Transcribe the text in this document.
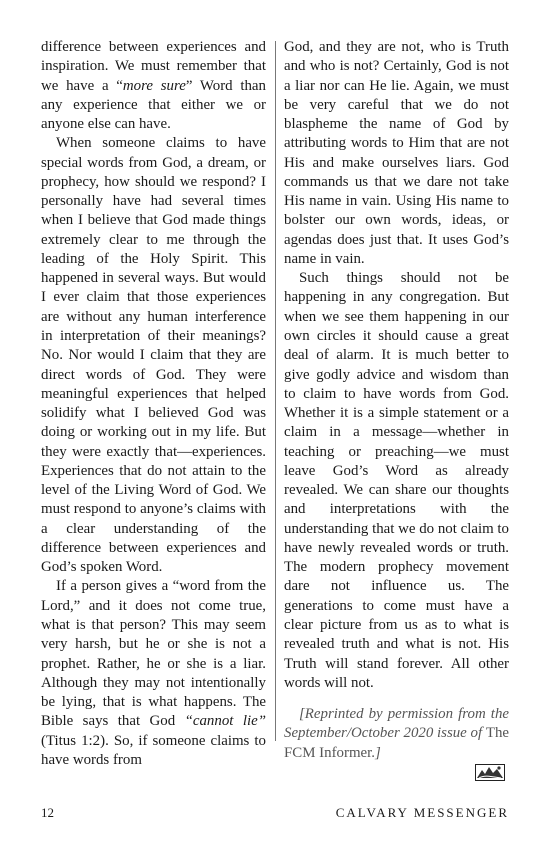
difference between experiences and inspiration. We must remember that we have a “more sure” Word than any experience that either we or anyone else can have.

When someone claims to have special words from God, a dream, or prophecy, how should we respond? I personally have had several times when I believe that God made things extremely clear to me through the leading of the Holy Spirit. This happened in several ways. But would I ever claim that those experiences are without any human interference in interpretation of their meanings? No. Nor would I claim that they are direct words of God. They were meaningful experiences that helped solidify what I believed God was doing or working out in my life. But they were exactly that—experiences. Experiences that do not attain to the level of the Living Word of God. We must respond to anyone’s claims with a clear understanding of the difference between experiences and God’s spoken Word.

If a person gives a “word from the Lord,” and it does not come true, what is that person? This may seem very harsh, but he or she is not a prophet. Rather, he or she is a liar. Although they may not intentionally be lying, that is what happens. The Bible says that God “cannot lie” (Titus 1:2). So, if someone claims to have words from

God, and they are not, who is Truth and who is not? Certainly, God is not a liar nor can He lie. Again, we must be very careful that we do not blaspheme the name of God by attributing words to Him that are not His and make ourselves liars. God commands us that we dare not take His name in vain. Using His name to bolster our own words, ideas, or agendas does just that. It uses God’s name in vain.

Such things should not be happening in any congregation. But when we see them happening in our own circles it should cause a great deal of alarm. It is much better to give godly advice and wisdom than to claim to have words from God. Whether it is a simple statement or a claim in a message—whether in teaching or preaching—we must leave God’s Word as already revealed. We can share our thoughts and interpretations with the understanding that we do not claim to have newly revealed words or truth. The modern prophecy movement dare not influence us. The generations to come must have a clear picture from us as to what is revealed truth and what is not. His Truth will stand forever. All other words will not.

[Reprinted by permission from the September/October 2020 issue of The FCM Informer.]

12	CALVARY MESSENGER
